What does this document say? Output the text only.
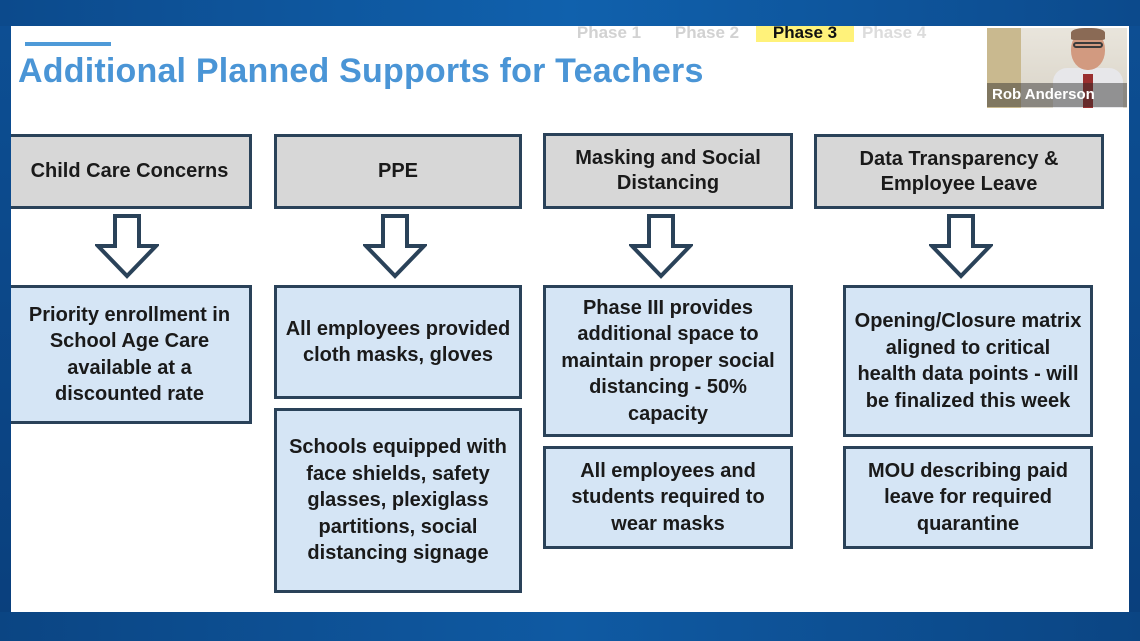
Additional Planned Supports for Teachers
Phase 1	Phase 2	Phase 3	Phase 4
Child Care Concerns
Priority enrollment in School Age Care available at a discounted rate
PPE
All employees provided cloth masks, gloves
Schools equipped with face shields, safety glasses, plexiglass partitions, social distancing signage
Masking and Social Distancing
Phase III provides additional space to maintain proper social distancing - 50% capacity
All employees and students required to wear masks
Data Transparency & Employee Leave
Opening/Closure matrix aligned to critical health data points - will be finalized this week
MOU describing paid leave for required quarantine
Rob Anderson
